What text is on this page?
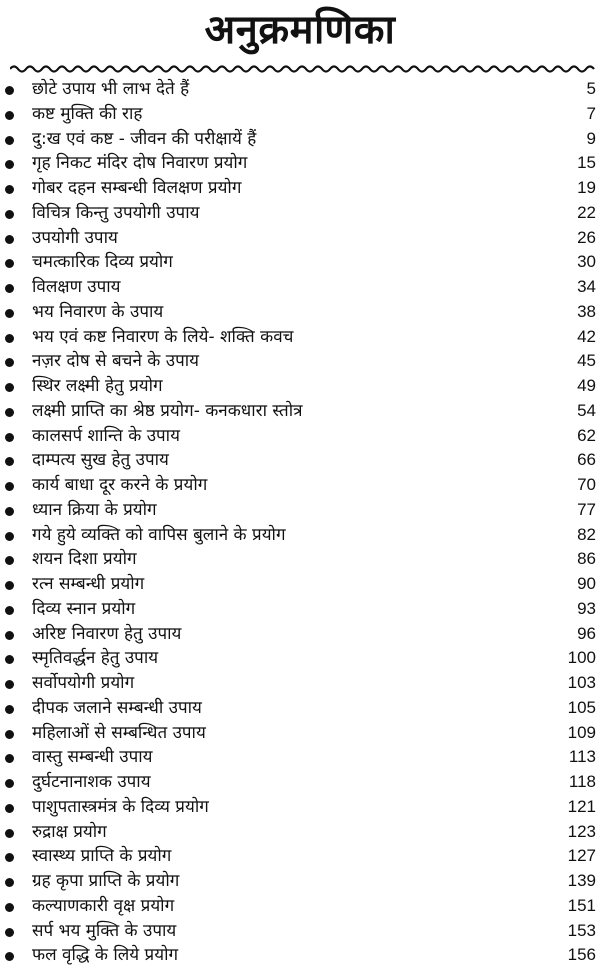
अनुक्रमणिका
छोटे उपाय भी लाभ देते हैं	5
कष्ट मुक्ति की राह	7
दु:ख एवं कष्ट - जीवन की परीक्षायें हैं	9
गृह निकट मंदिर दोष निवारण प्रयोग	15
गोबर दहन सम्बन्धी विलक्षण प्रयोग	19
विचित्र किन्तु उपयोगी उपाय	22
उपयोगी उपाय	26
चमत्कारिक दिव्य प्रयोग	30
विलक्षण उपाय	34
भय निवारण के उपाय	38
भय एवं कष्ट निवारण के लिये- शक्ति कवच	42
नज़र दोष से बचने के उपाय	45
स्थिर लक्ष्मी हेतु प्रयोग	49
लक्ष्मी प्राप्ति का श्रेष्ठ प्रयोग- कनकधारा स्तोत्र	54
कालसर्प शान्ति के उपाय	62
दाम्पत्य सुख हेतु उपाय	66
कार्य बाधा दूर करने के प्रयोग	70
ध्यान क्रिया के प्रयोग	77
गये हुये व्यक्ति को वापिस बुलाने के प्रयोग	82
शयन दिशा प्रयोग	86
रत्न सम्बन्धी प्रयोग	90
दिव्य स्नान प्रयोग	93
अरिष्ट निवारण हेतु उपाय	96
स्मृतिवर्द्धन हेतु उपाय	100
सर्वोपयोगी प्रयोग	103
दीपक जलाने सम्बन्धी उपाय	105
महिलाओं से सम्बन्धित उपाय	109
वास्तु सम्बन्धी उपाय	113
दुर्घटनानाशक उपाय	118
पाशुपतास्त्रमंत्र के दिव्य प्रयोग	121
रुद्राक्ष प्रयोग	123
स्वास्थ्य प्राप्ति के प्रयोग	127
ग्रह कृपा प्राप्ति के प्रयोग	139
कल्याणकारी वृक्ष प्रयोग	151
सर्प भय मुक्ति के उपाय	153
फल वृद्धि के लिये प्रयोग	156
